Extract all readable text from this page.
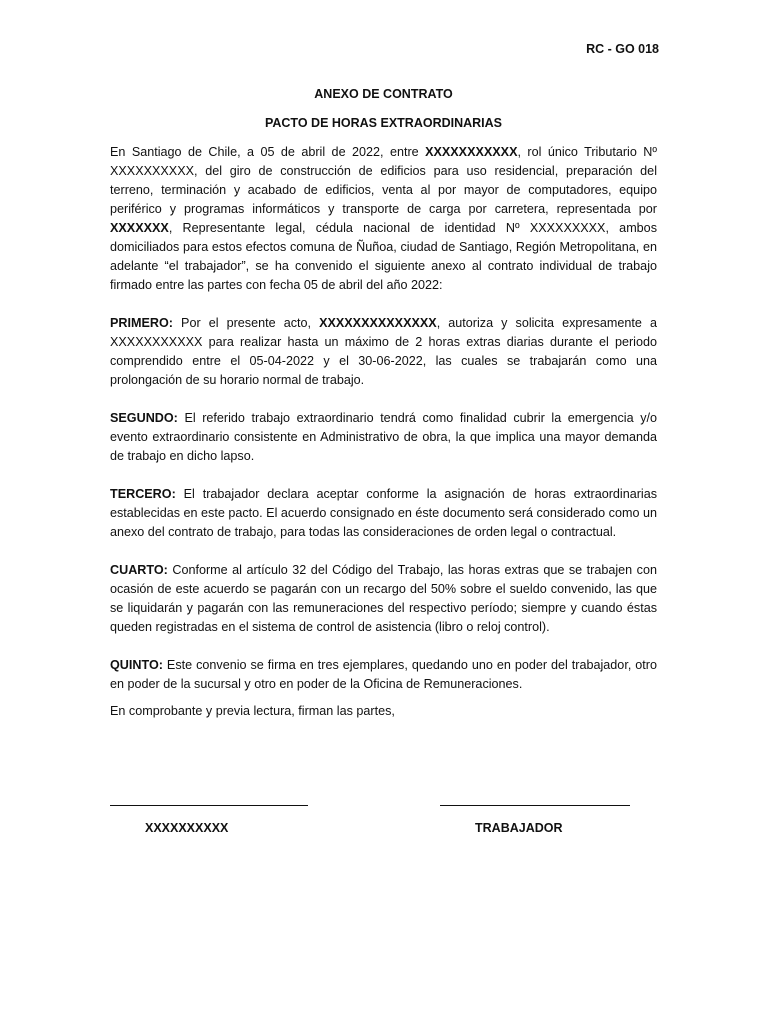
RC - GO 018
ANEXO DE CONTRATO
PACTO DE HORAS EXTRAORDINARIAS

En Santiago de Chile, a 05 de abril de 2022, entre XXXXXXXXXXX, rol único Tributario Nº XXXXXXXXXX, del giro de construcción de edificios para uso residencial, preparación del terreno, terminación y acabado de edificios, venta al por mayor de computadores, equipo periférico y programas informáticos y transporte de carga por carretera, representada por XXXXXXX, Representante legal, cédula nacional de identidad Nº XXXXXXXXX, ambos domiciliados para estos efectos comuna de Ñuñoa, ciudad de Santiago, Región Metropolitana, en adelante “el trabajador”, se ha convenido el siguiente anexo al contrato individual de trabajo firmado entre las partes con fecha 05 de abril del año 2022:

PRIMERO: Por el presente acto, XXXXXXXXXXXXXX, autoriza y solicita expresamente a XXXXXXXXXXX para realizar hasta un máximo de 2 horas extras diarias durante el periodo comprendido entre el 05-04-2022 y el 30-06-2022, las cuales se trabajarán como una prolongación de su horario normal de trabajo.

SEGUNDO: El referido trabajo extraordinario tendrá como finalidad cubrir la emergencia y/o evento extraordinario consistente en Administrativo de obra, la que implica una mayor demanda de trabajo en dicho lapso.

TERCERO: El trabajador declara aceptar conforme la asignación de horas extraordinarias establecidas en este pacto. El acuerdo consignado en éste documento será considerado como un anexo del contrato de trabajo, para todas las consideraciones de orden legal o contractual.

CUARTO: Conforme al artículo 32 del Código del Trabajo, las horas extras que se trabajen con ocasión de este acuerdo se pagarán con un recargo del 50% sobre el sueldo convenido, las que se liquidarán y pagarán con las remuneraciones del respectivo período; siempre y cuando éstas queden registradas en el sistema de control de asistencia (libro o reloj control).

QUINTO: Este convenio se firma en tres ejemplares, quedando uno en poder del trabajador, otro en poder de la sucursal y otro en poder de la Oficina de Remuneraciones.

En comprobante y previa lectura, firman las partes,

XXXXXXXXXX	TRABAJADOR
